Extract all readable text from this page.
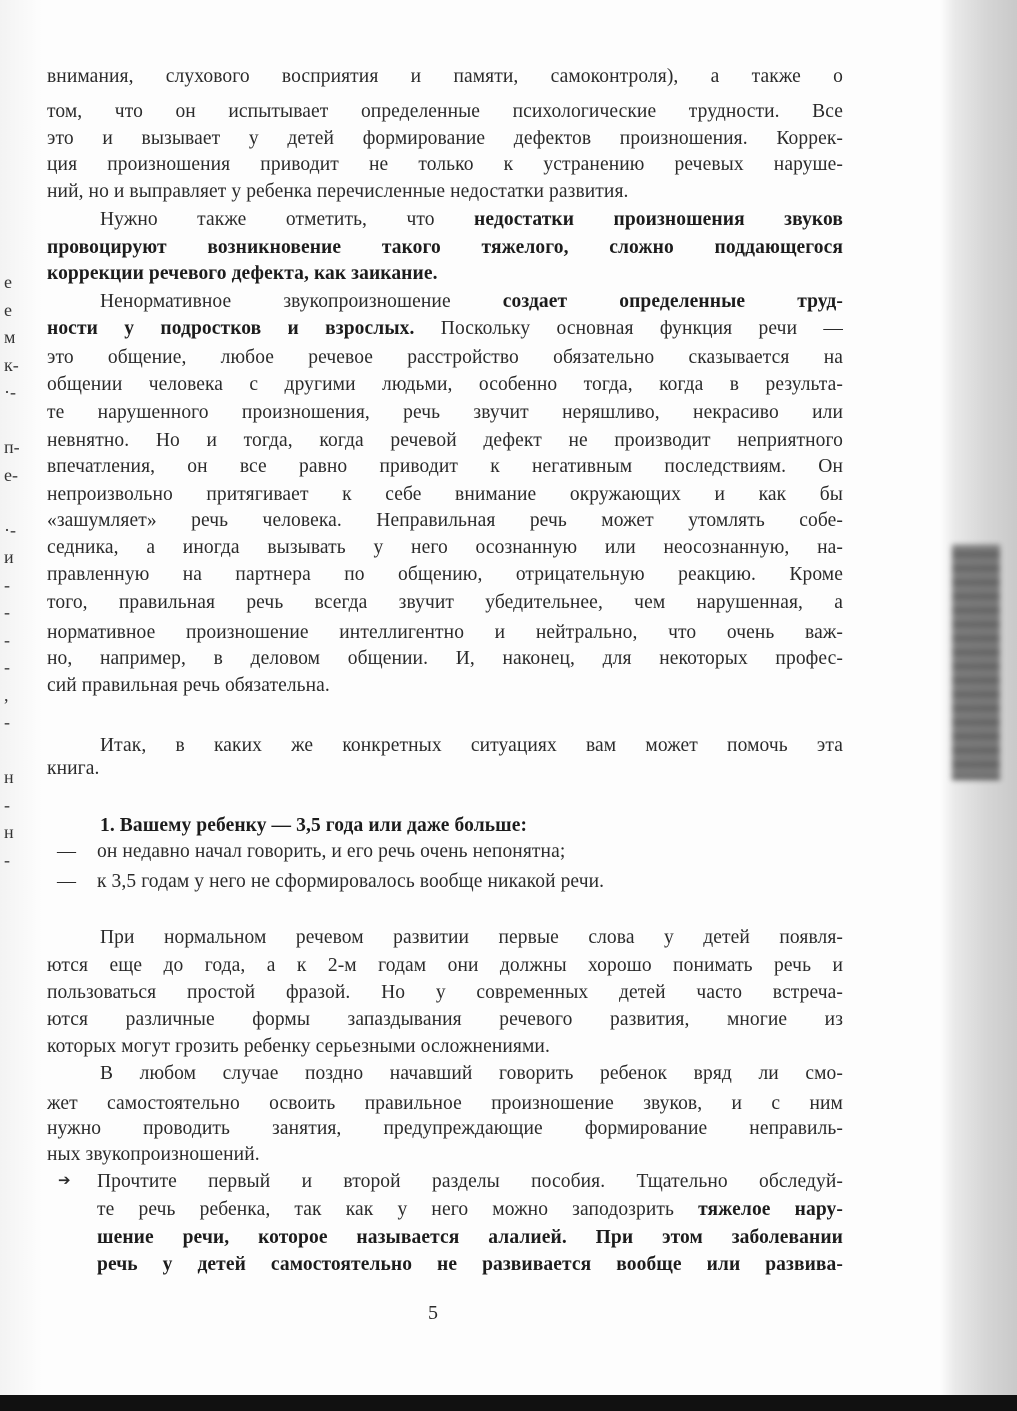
е
е
м
к-
·-
п-
е-
·-
и
-
-
-
-
,
-
н
-
н
-
внимания, слухового восприятия и памяти, самоконтроля), а также о
том, что он испытывает определенные психологические трудности. Все
это и вызывает у детей формирование дефектов произношения. Коррек-
ция произношения приводит не только к устранению речевых наруше-
ний, но и выправляет у ребенка перечисленные недостатки развития.
Нужно также отметить, что недостатки произношения звуков
провоцируют возникновение такого тяжелого, сложно поддающегося
коррекции речевого дефекта, как заикание.
Ненормативное звукопроизношение создает определенные труд-
ности у подростков и взрослых. Поскольку основная функция речи —
это общение, любое речевое расстройство обязательно сказывается на
общении человека с другими людьми, особенно тогда, когда в результа-
те нарушенного произношения, речь звучит неряшливо, некрасиво или
невнятно. Но и тогда, когда речевой дефект не производит неприятного
впечатления, он все равно приводит к негативным последствиям. Он
непроизвольно притягивает к себе внимание окружающих и как бы
«зашумляет» речь человека. Неправильная речь может утомлять собе-
седника, а иногда вызывать у него осознанную или неосознанную, на-
правленную на партнера по общению, отрицательную реакцию. Кроме
того, правильная речь всегда звучит убедительнее, чем нарушенная, а
нормативное произношение интеллигентно и нейтрально, что очень важ-
но, например, в деловом общении. И, наконец, для некоторых профес-
сий правильная речь обязательна.
Итак, в каких же конкретных ситуациях вам может помочь эта
книга.
1. Вашему ребенку — 3,5 года или даже больше:
он недавно начал говорить, и его речь очень непонятна;
—
к 3,5 годам у него не сформировалось вообще никакой речи.
—
При нормальном речевом развитии первые слова у детей появля-
ются еще до года, а к 2-м годам они должны хорошо понимать речь и
пользоваться простой фразой. Но у современных детей часто встреча-
ются различные формы запаздывания речевого развития, многие из
которых могут грозить ребенку серьезными осложнениями.
В любом случае поздно начавший говорить ребенок вряд ли смо-
жет самостоятельно освоить правильное произношение звуков, и с ним
нужно проводить занятия, предупреждающие формирование неправиль-
ных звукопроизношений.
Прочтите первый и второй разделы пособия. Тщательно обследуй-
➔
те речь ребенка, так как у него можно заподозрить тяжелое нару-
шение речи, которое называется алалией. При этом заболевании
речь у детей самостоятельно не развивается вообще или развива-
5
